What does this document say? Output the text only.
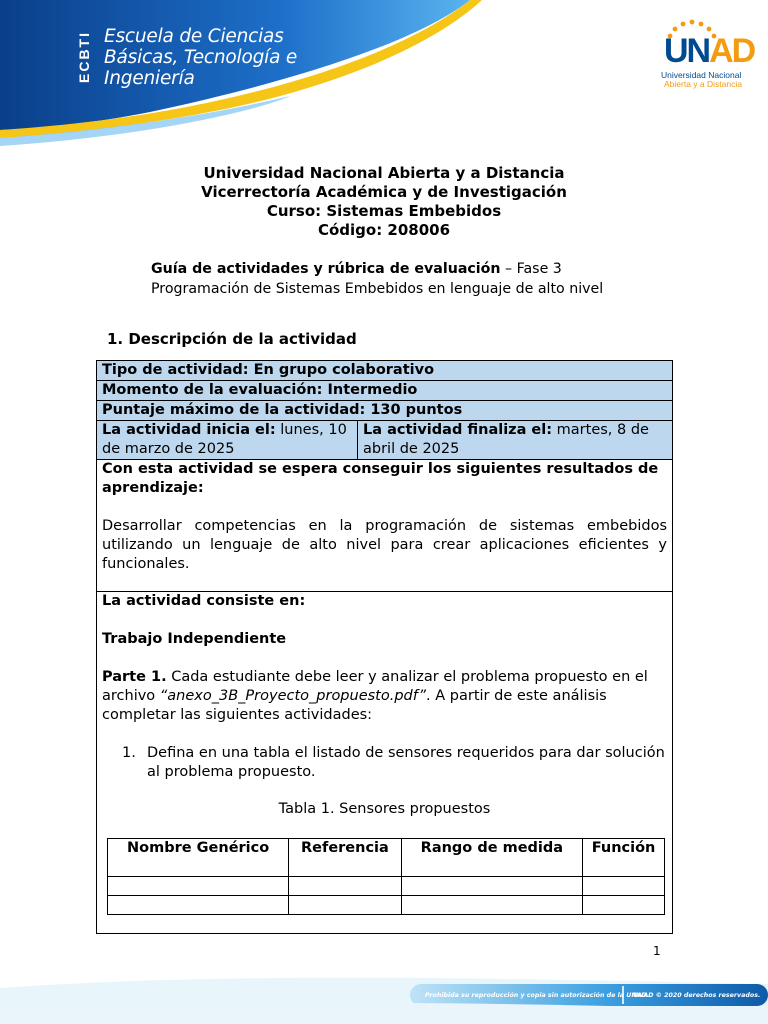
ECBTI Escuela de Ciencias
Básicas, Tecnología e
Ingeniería
UNAD
Universidad Nacional
Abierta y a Distancia
Universidad Nacional Abierta y a Distancia
Vicerrectoría Académica y de Investigación
Curso: Sistemas Embebidos
Código: 208006
Guía de actividades y rúbrica de evaluación – Fase 3
Programación de Sistemas Embebidos en lenguaje de alto nivel
1. Descripción de la actividad
Tipo de actividad: En grupo colaborativo
Momento de la evaluación: Intermedio
Puntaje máximo de la actividad: 130 puntos
La actividad inicia el: lunes, 10 de marzo de 2025	La actividad finaliza el: martes, 8 de abril de 2025

Con esta actividad se espera conseguir los siguientes resultados de aprendizaje:
Desarrollar competencias en la programación de sistemas embebidos utilizando un lenguaje de alto nivel para crear aplicaciones eficientes y funcionales.

La actividad consiste en:
Trabajo Independiente
Parte 1. Cada estudiante debe leer y analizar el problema propuesto en el archivo “anexo_3B_Proyecto_propuesto.pdf”. A partir de este análisis completar las siguientes actividades:
1. Defina en una tabla el listado de sensores requeridos para dar solución al problema propuesto.
Tabla 1. Sensores propuestos
Nombre Genérico	Referencia	Rango de medida	Función

1
Prohibida su reproducción y copia sin autorización de la UNAD.
UNAD © 2020 derechos reservados.
